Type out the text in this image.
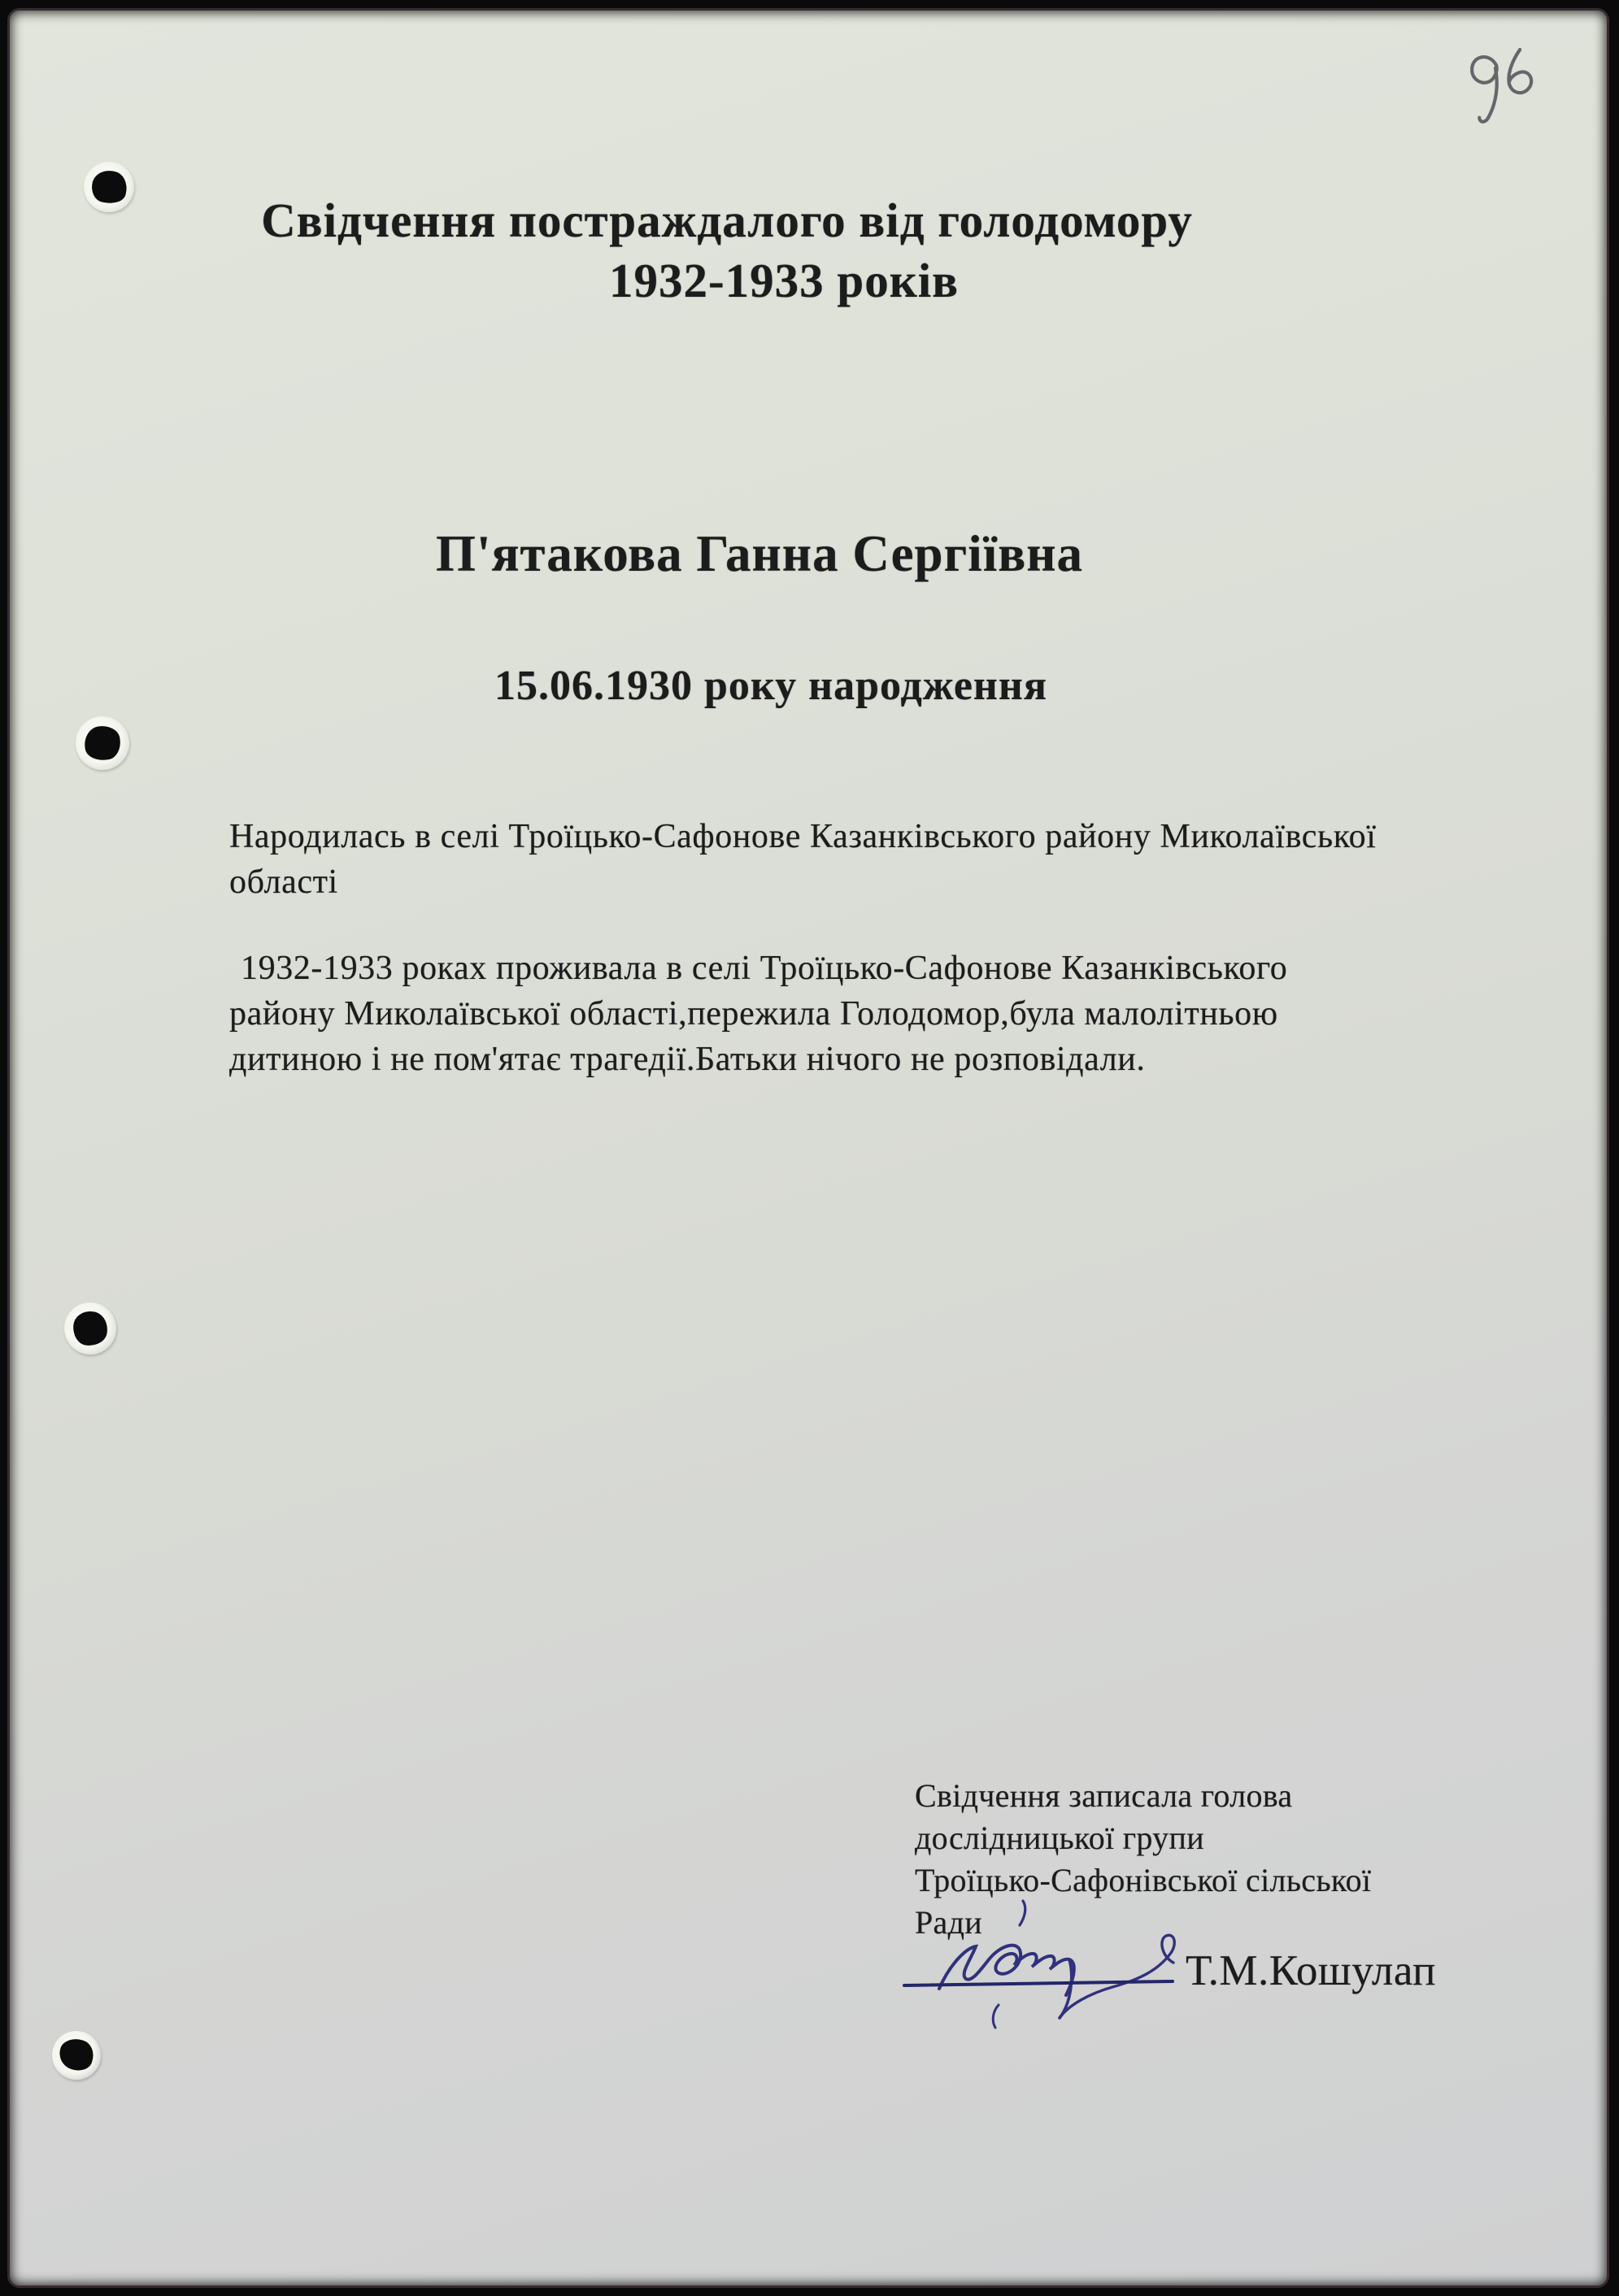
Свідчення постраждалого від голодомору
1932-1933 років
П'ятакова Ганна Сергіївна
15.06.1930 року народження
Народилась в селі Троїцько-Сафонове Казанківського району Миколаївської
області
1932-1933 роках проживала в селі Троїцько-Сафонове Казанківського
району Миколаївської області,пережила Голодомор,була малолітньою
дитиною і не пом'ятає трагедії.Батьки нічого не розповідали.
Свідчення записала голова
дослідницької групи
Троїцько-Сафонівської сільської
Ради
Т.М.Кошулап
